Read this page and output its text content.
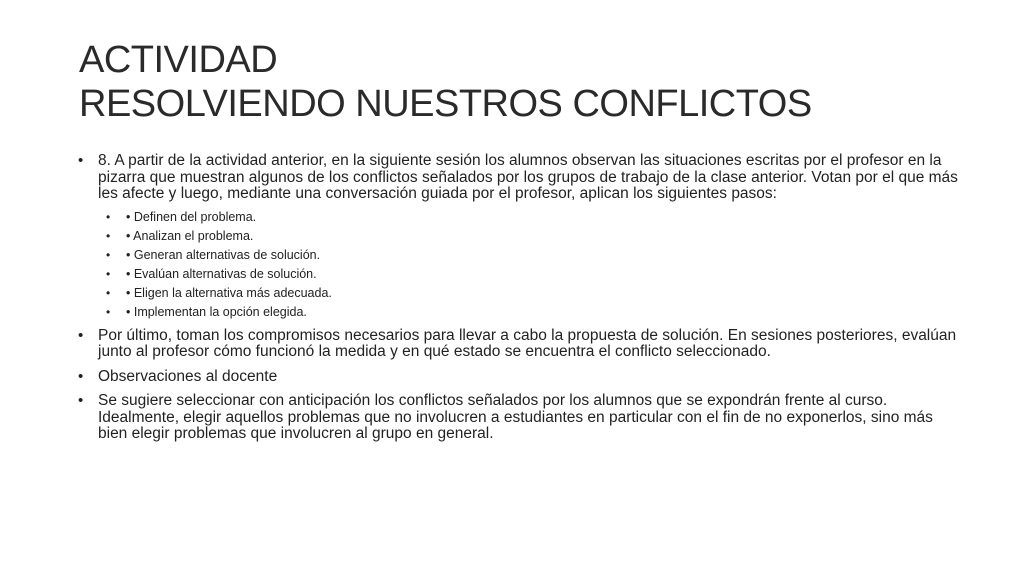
ACTIVIDAD
RESOLVIENDO NUESTROS CONFLICTOS
• 8. A partir de la actividad anterior, en la siguiente sesión los alumnos observan las situaciones escritas por el profesor en la pizarra que muestran algunos de los conflictos señalados por los grupos de trabajo de la clase anterior. Votan por el que más les afecte y luego, mediante una conversación guiada por el profesor, aplican los siguientes pasos:
• • Definen del problema.
• • Analizan el problema.
• • Generan alternativas de solución.
• • Evalúan alternativas de solución.
• • Eligen la alternativa más adecuada.
• • Implementan la opción elegida.
• Por último, toman los compromisos necesarios para llevar a cabo la propuesta de solución. En sesiones posteriores, evalúan junto al profesor cómo funcionó la medida y en qué estado se encuentra el conflicto seleccionado.
• Observaciones al docente
• Se sugiere seleccionar con anticipación los conflictos señalados por los alumnos que se expondrán frente al curso. Idealmente, elegir aquellos problemas que no involucren a estudiantes en particular con el fin de no exponerlos, sino más bien elegir problemas que involucren al grupo en general.
